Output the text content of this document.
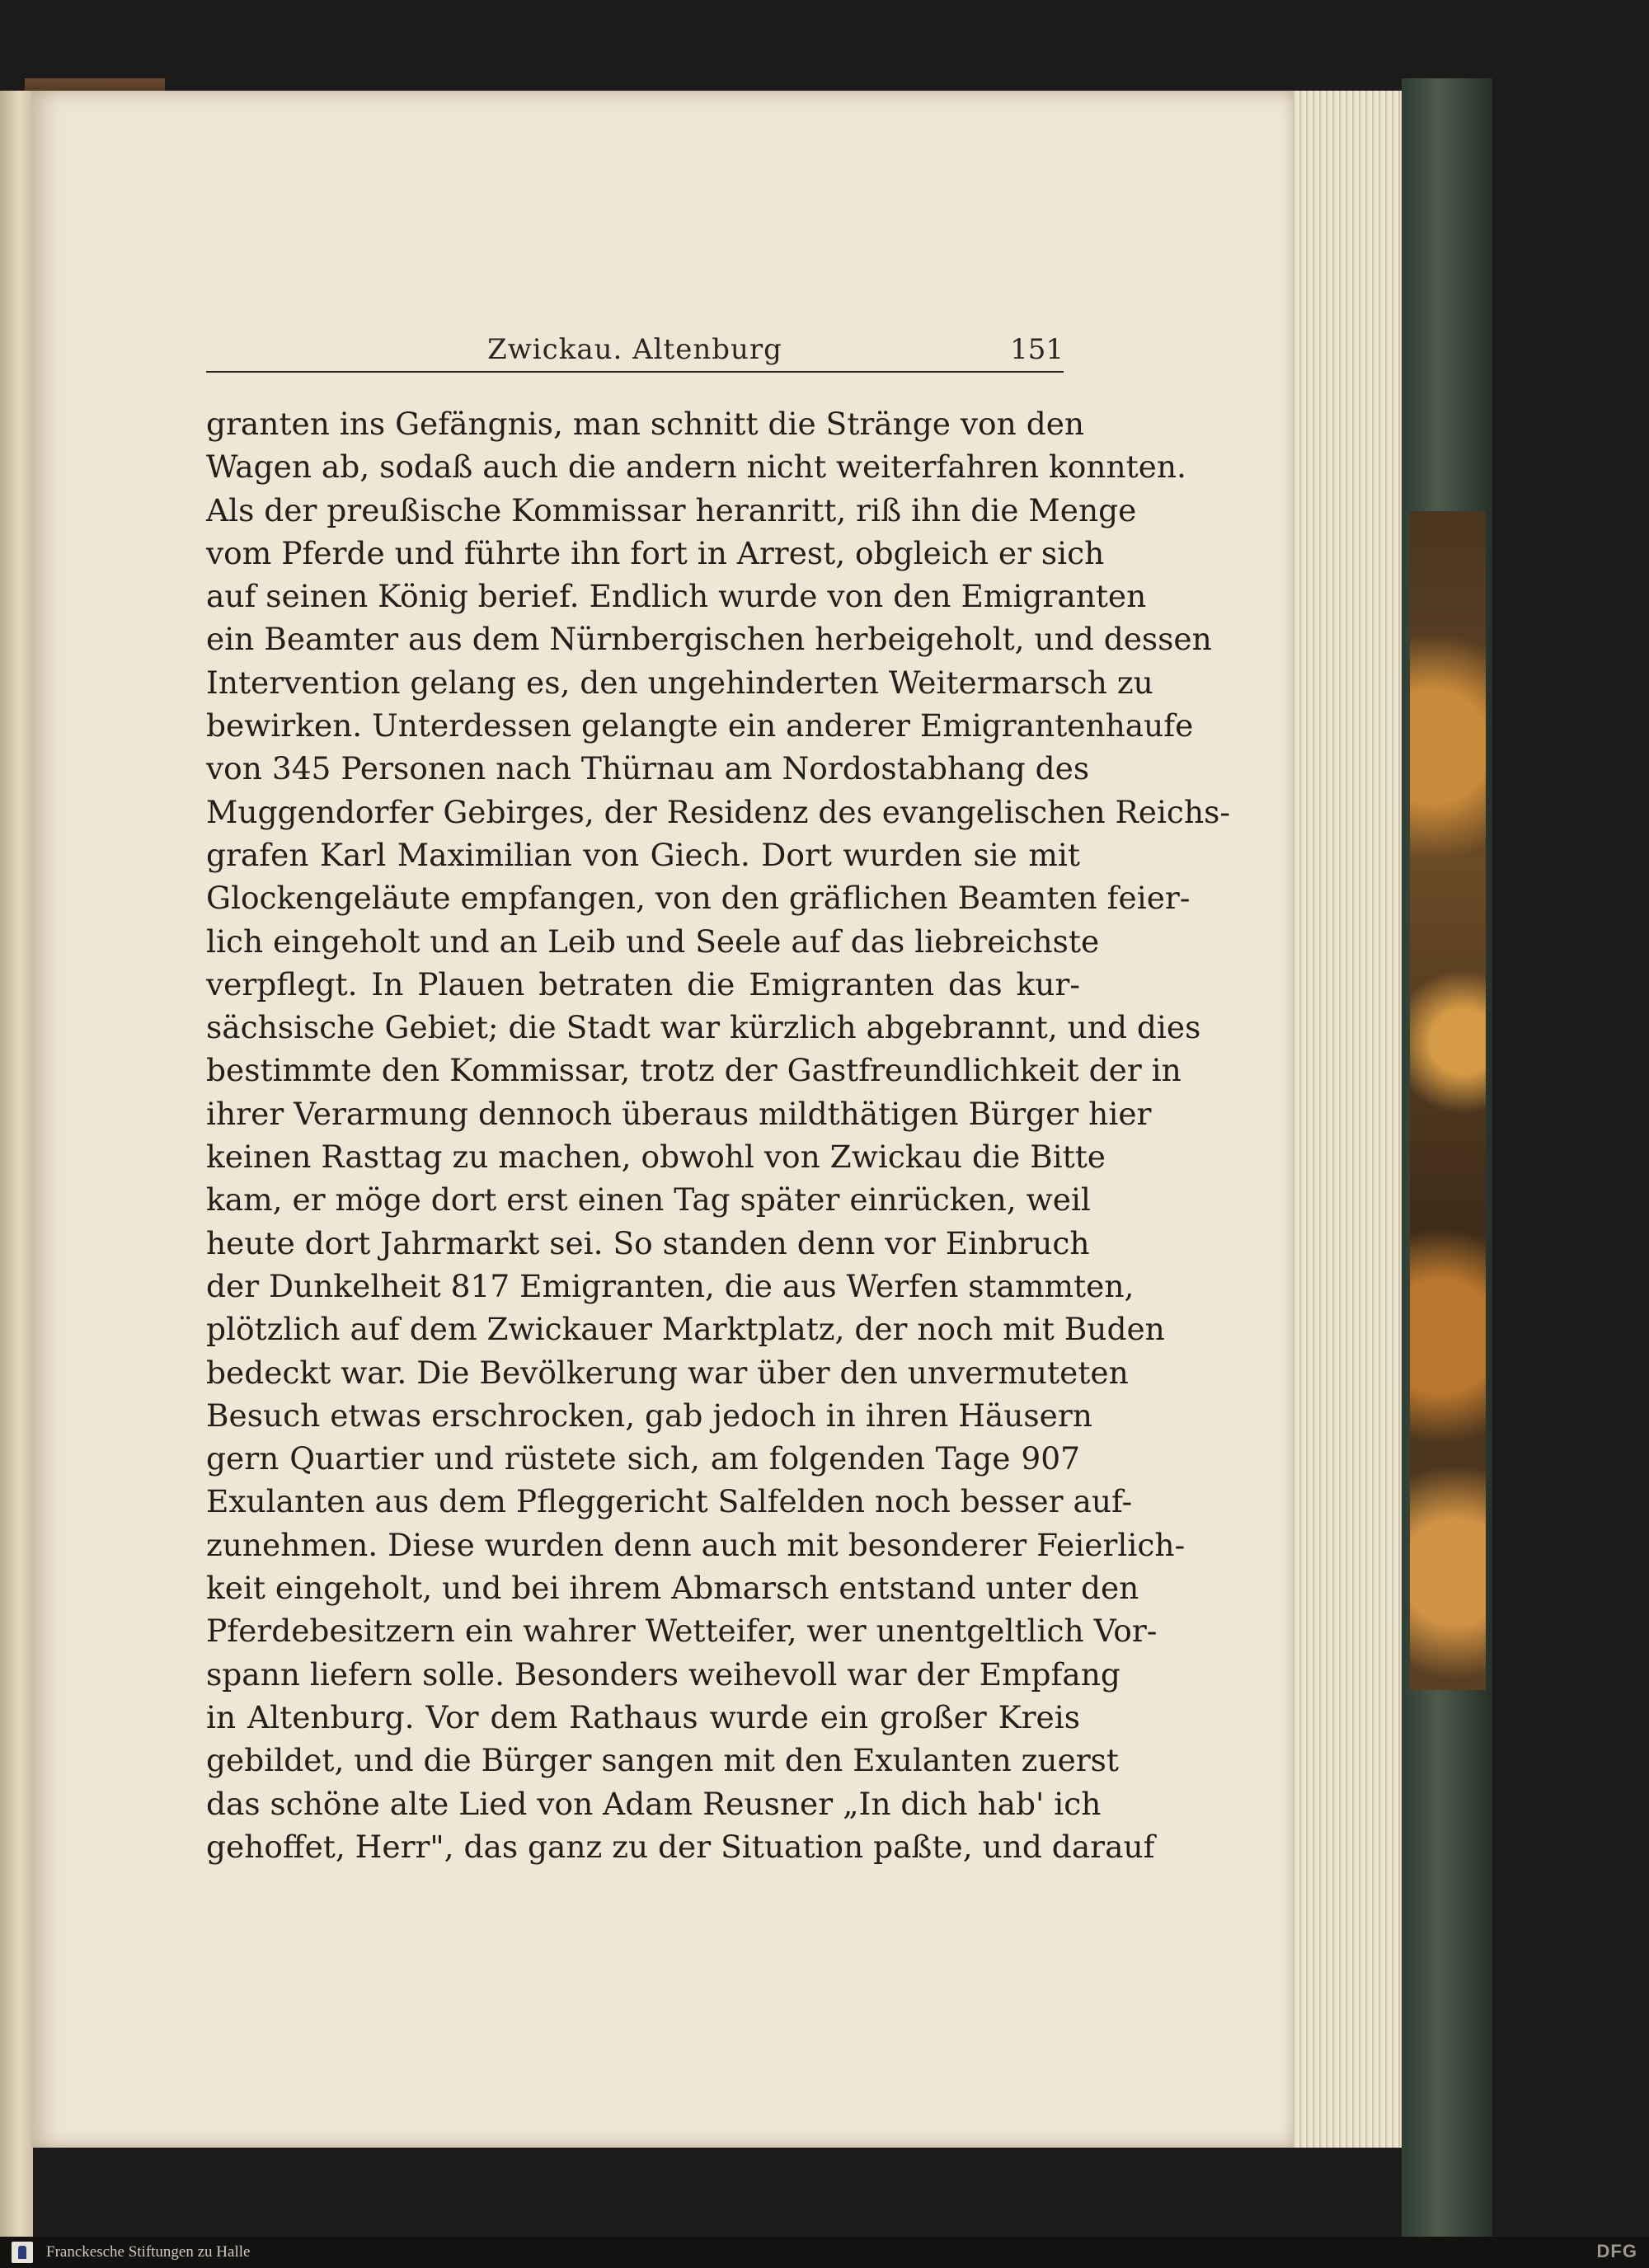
Zwickau. Altenburg	151
granten ins Gefängnis, man schnitt die Stränge von den
Wagen ab, sodaß auch die andern nicht weiterfahren konnten.
Als der preußische Kommissar heranritt, riß ihn die Menge
vom Pferde und führte ihn fort in Arrest, obgleich er sich
auf seinen König berief. Endlich wurde von den Emigranten
ein Beamter aus dem Nürnbergischen herbeigeholt, und dessen
Intervention gelang es, den ungehinderten Weitermarsch zu
bewirken. Unterdessen gelangte ein anderer Emigrantenhaufe
von 345 Personen nach Thürnau am Nordostabhang des
Muggendorfer Gebirges, der Residenz des evangelischen Reichs-
grafen Karl Maximilian von Giech. Dort wurden sie mit
Glockengeläute empfangen, von den gräflichen Beamten feier-
lich eingeholt und an Leib und Seele auf das liebreichste
verpflegt. In Plauen betraten die Emigranten das kur-
sächsische Gebiet; die Stadt war kürzlich abgebrannt, und dies
bestimmte den Kommissar, trotz der Gastfreundlichkeit der in
ihrer Verarmung dennoch überaus mildthätigen Bürger hier
keinen Rasttag zu machen, obwohl von Zwickau die Bitte
kam, er möge dort erst einen Tag später einrücken, weil
heute dort Jahrmarkt sei. So standen denn vor Einbruch
der Dunkelheit 817 Emigranten, die aus Werfen stammten,
plötzlich auf dem Zwickauer Marktplatz, der noch mit Buden
bedeckt war. Die Bevölkerung war über den unvermuteten
Besuch etwas erschrocken, gab jedoch in ihren Häusern
gern Quartier und rüstete sich, am folgenden Tage 907
Exulanten aus dem Pfleggericht Salfelden noch besser auf-
zunehmen. Diese wurden denn auch mit besonderer Feierlich-
keit eingeholt, und bei ihrem Abmarsch entstand unter den
Pferdebesitzern ein wahrer Wetteifer, wer unentgeltlich Vor-
spann liefern solle. Besonders weihevoll war der Empfang
in Altenburg. Vor dem Rathaus wurde ein großer Kreis
gebildet, und die Bürger sangen mit den Exulanten zuerst
das schöne alte Lied von Adam Reusner „In dich hab' ich
gehoffet, Herr", das ganz zu der Situation paßte, und darauf
Franckesche Stiftungen zu Halle	DFG
